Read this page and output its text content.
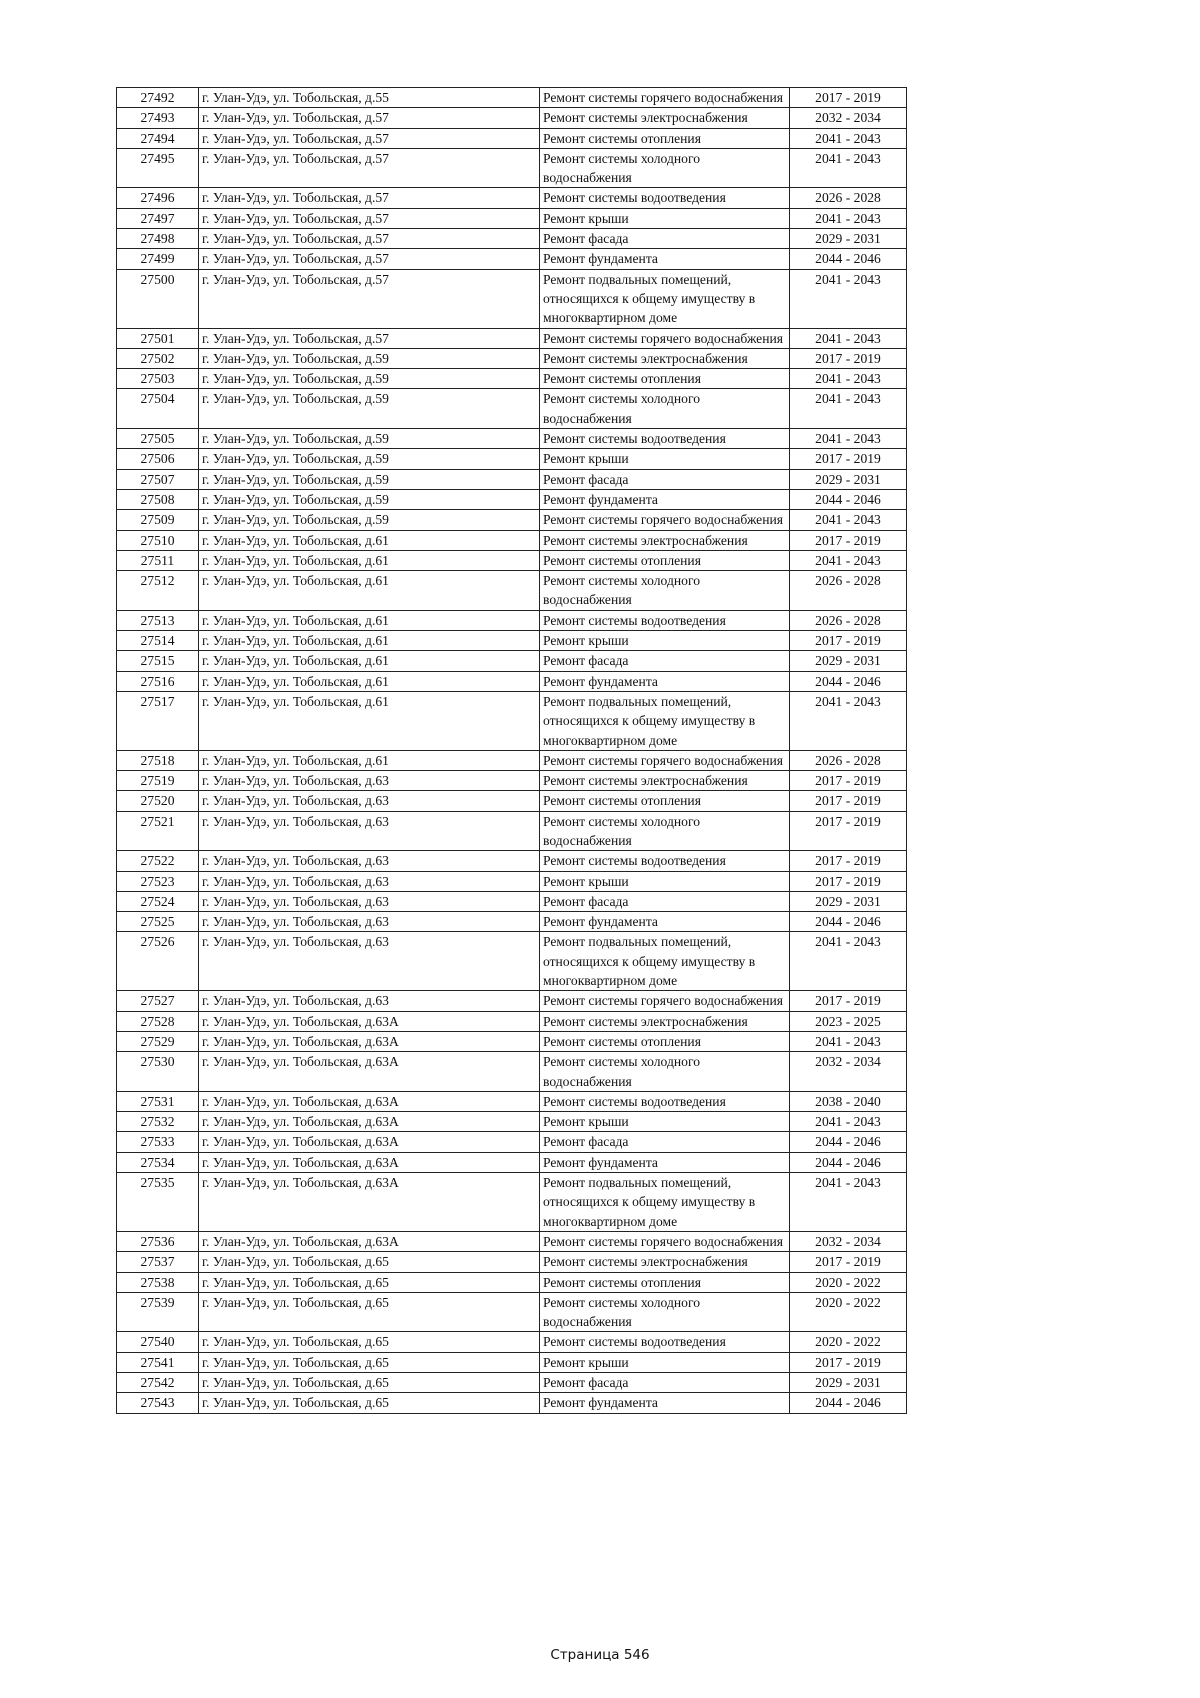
27492	г. Улан-Удэ, ул. Тобольская, д.55	Ремонт системы горячего водоснабжения	2017 - 2019
27493	г. Улан-Удэ, ул. Тобольская, д.57	Ремонт системы электроснабжения	2032 - 2034
27494	г. Улан-Удэ, ул. Тобольская, д.57	Ремонт системы отопления	2041 - 2043
27495	г. Улан-Удэ, ул. Тобольская, д.57	Ремонт системы холодного водоснабжения	2041 - 2043
27496	г. Улан-Удэ, ул. Тобольская, д.57	Ремонт системы водоотведения	2026 - 2028
27497	г. Улан-Удэ, ул. Тобольская, д.57	Ремонт крыши	2041 - 2043
27498	г. Улан-Удэ, ул. Тобольская, д.57	Ремонт фасада	2029 - 2031
27499	г. Улан-Удэ, ул. Тобольская, д.57	Ремонт фундамента	2044 - 2046
27500	г. Улан-Удэ, ул. Тобольская, д.57	Ремонт подвальных помещений, относящихся к общему имуществу в многоквартирном доме	2041 - 2043
27501	г. Улан-Удэ, ул. Тобольская, д.57	Ремонт системы горячего водоснабжения	2041 - 2043
27502	г. Улан-Удэ, ул. Тобольская, д.59	Ремонт системы электроснабжения	2017 - 2019
27503	г. Улан-Удэ, ул. Тобольская, д.59	Ремонт системы отопления	2041 - 2043
27504	г. Улан-Удэ, ул. Тобольская, д.59	Ремонт системы холодного водоснабжения	2041 - 2043
27505	г. Улан-Удэ, ул. Тобольская, д.59	Ремонт системы водоотведения	2041 - 2043
27506	г. Улан-Удэ, ул. Тобольская, д.59	Ремонт крыши	2017 - 2019
27507	г. Улан-Удэ, ул. Тобольская, д.59	Ремонт фасада	2029 - 2031
27508	г. Улан-Удэ, ул. Тобольская, д.59	Ремонт фундамента	2044 - 2046
27509	г. Улан-Удэ, ул. Тобольская, д.59	Ремонт системы горячего водоснабжения	2041 - 2043
27510	г. Улан-Удэ, ул. Тобольская, д.61	Ремонт системы электроснабжения	2017 - 2019
27511	г. Улан-Удэ, ул. Тобольская, д.61	Ремонт системы отопления	2041 - 2043
27512	г. Улан-Удэ, ул. Тобольская, д.61	Ремонт системы холодного водоснабжения	2026 - 2028
27513	г. Улан-Удэ, ул. Тобольская, д.61	Ремонт системы водоотведения	2026 - 2028
27514	г. Улан-Удэ, ул. Тобольская, д.61	Ремонт крыши	2017 - 2019
27515	г. Улан-Удэ, ул. Тобольская, д.61	Ремонт фасада	2029 - 2031
27516	г. Улан-Удэ, ул. Тобольская, д.61	Ремонт фундамента	2044 - 2046
27517	г. Улан-Удэ, ул. Тобольская, д.61	Ремонт подвальных помещений, относящихся к общему имуществу в многоквартирном доме	2041 - 2043
27518	г. Улан-Удэ, ул. Тобольская, д.61	Ремонт системы горячего водоснабжения	2026 - 2028
27519	г. Улан-Удэ, ул. Тобольская, д.63	Ремонт системы электроснабжения	2017 - 2019
27520	г. Улан-Удэ, ул. Тобольская, д.63	Ремонт системы отопления	2017 - 2019
27521	г. Улан-Удэ, ул. Тобольская, д.63	Ремонт системы холодного водоснабжения	2017 - 2019
27522	г. Улан-Удэ, ул. Тобольская, д.63	Ремонт системы водоотведения	2017 - 2019
27523	г. Улан-Удэ, ул. Тобольская, д.63	Ремонт крыши	2017 - 2019
27524	г. Улан-Удэ, ул. Тобольская, д.63	Ремонт фасада	2029 - 2031
27525	г. Улан-Удэ, ул. Тобольская, д.63	Ремонт фундамента	2044 - 2046
27526	г. Улан-Удэ, ул. Тобольская, д.63	Ремонт подвальных помещений, относящихся к общему имуществу в многоквартирном доме	2041 - 2043
27527	г. Улан-Удэ, ул. Тобольская, д.63	Ремонт системы горячего водоснабжения	2017 - 2019
27528	г. Улан-Удэ, ул. Тобольская, д.63А	Ремонт системы электроснабжения	2023 - 2025
27529	г. Улан-Удэ, ул. Тобольская, д.63А	Ремонт системы отопления	2041 - 2043
27530	г. Улан-Удэ, ул. Тобольская, д.63А	Ремонт системы холодного водоснабжения	2032 - 2034
27531	г. Улан-Удэ, ул. Тобольская, д.63А	Ремонт системы водоотведения	2038 - 2040
27532	г. Улан-Удэ, ул. Тобольская, д.63А	Ремонт крыши	2041 - 2043
27533	г. Улан-Удэ, ул. Тобольская, д.63А	Ремонт фасада	2044 - 2046
27534	г. Улан-Удэ, ул. Тобольская, д.63А	Ремонт фундамента	2044 - 2046
27535	г. Улан-Удэ, ул. Тобольская, д.63А	Ремонт подвальных помещений, относящихся к общему имуществу в многоквартирном доме	2041 - 2043
27536	г. Улан-Удэ, ул. Тобольская, д.63А	Ремонт системы горячего водоснабжения	2032 - 2034
27537	г. Улан-Удэ, ул. Тобольская, д.65	Ремонт системы электроснабжения	2017 - 2019
27538	г. Улан-Удэ, ул. Тобольская, д.65	Ремонт системы отопления	2020 - 2022
27539	г. Улан-Удэ, ул. Тобольская, д.65	Ремонт системы холодного водоснабжения	2020 - 2022
27540	г. Улан-Удэ, ул. Тобольская, д.65	Ремонт системы водоотведения	2020 - 2022
27541	г. Улан-Удэ, ул. Тобольская, д.65	Ремонт крыши	2017 - 2019
27542	г. Улан-Удэ, ул. Тобольская, д.65	Ремонт фасада	2029 - 2031
27543	г. Улан-Удэ, ул. Тобольская, д.65	Ремонт фундамента	2044 - 2046
Страница 546
